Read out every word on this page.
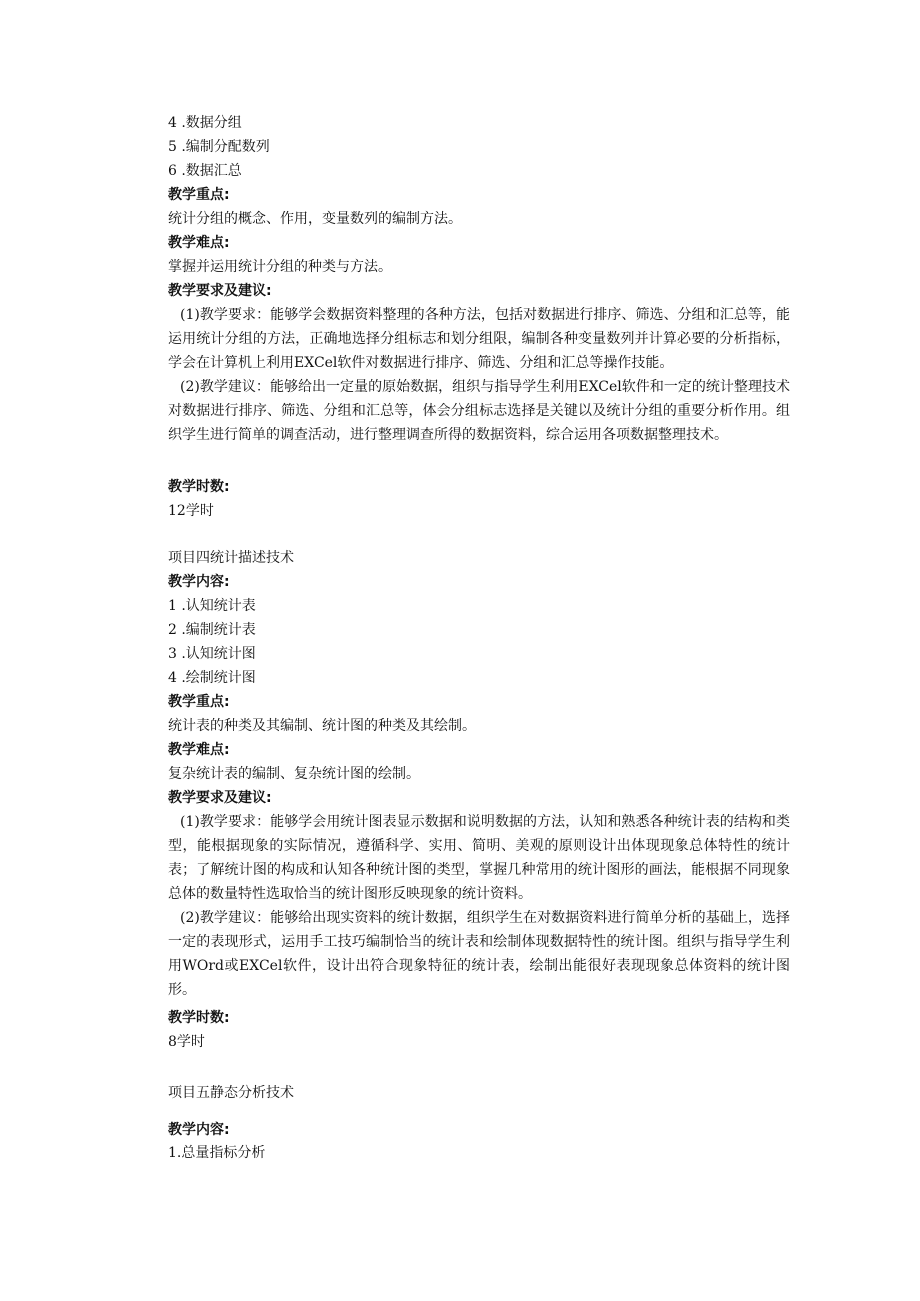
4 .数据分组
5 .编制分配数列
6 .数据汇总
教学重点:
统计分组的概念、作用，变量数列的编制方法。
教学难点:
掌握并运用统计分组的种类与方法。
教学要求及建议:
(1)教学要求：能够学会数据资料整理的各种方法，包括对数据进行排序、筛选、分组和汇总等，能运用统计分组的方法，正确地选择分组标志和划分组限，编制各种变量数列并计算必要的分析指标，学会在计算机上利用EXCel软件对数据进行排序、筛选、分组和汇总等操作技能。
(2)教学建议：能够给出一定量的原始数据，组织与指导学生利用EXCel软件和一定的统计整理技术对数据进行排序、筛选、分组和汇总等，体会分组标志选择是关键以及统计分组的重要分析作用。组织学生进行简单的调查活动，进行整理调查所得的数据资料，综合运用各项数据整理技术。
教学时数:
12学时
项目四统计描述技术
教学内容:
1 .认知统计表
2 .编制统计表
3 .认知统计图
4 .绘制统计图
教学重点:
统计表的种类及其编制、统计图的种类及其绘制。
教学难点:
复杂统计表的编制、复杂统计图的绘制。
教学要求及建议:
(1)教学要求：能够学会用统计图表显示数据和说明数据的方法，认知和熟悉各种统计表的结构和类型，能根据现象的实际情况，遵循科学、实用、简明、美观的原则设计出体现现象总体特性的统计表；了解统计图的构成和认知各种统计图的类型，掌握几种常用的统计图形的画法，能根据不同现象总体的数量特性选取恰当的统计图形反映现象的统计资料。
(2)教学建议：能够给出现实资料的统计数据，组织学生在对数据资料进行简单分析的基础上，选择一定的表现形式，运用手工技巧编制恰当的统计表和绘制体现数据特性的统计图。组织与指导学生利用WOrd或EXCel软件，设计出符合现象特征的统计表，绘制出能很好表现现象总体资料的统计图形。
教学时数:
8学时
项目五静态分析技术
教学内容:
1.总量指标分析
